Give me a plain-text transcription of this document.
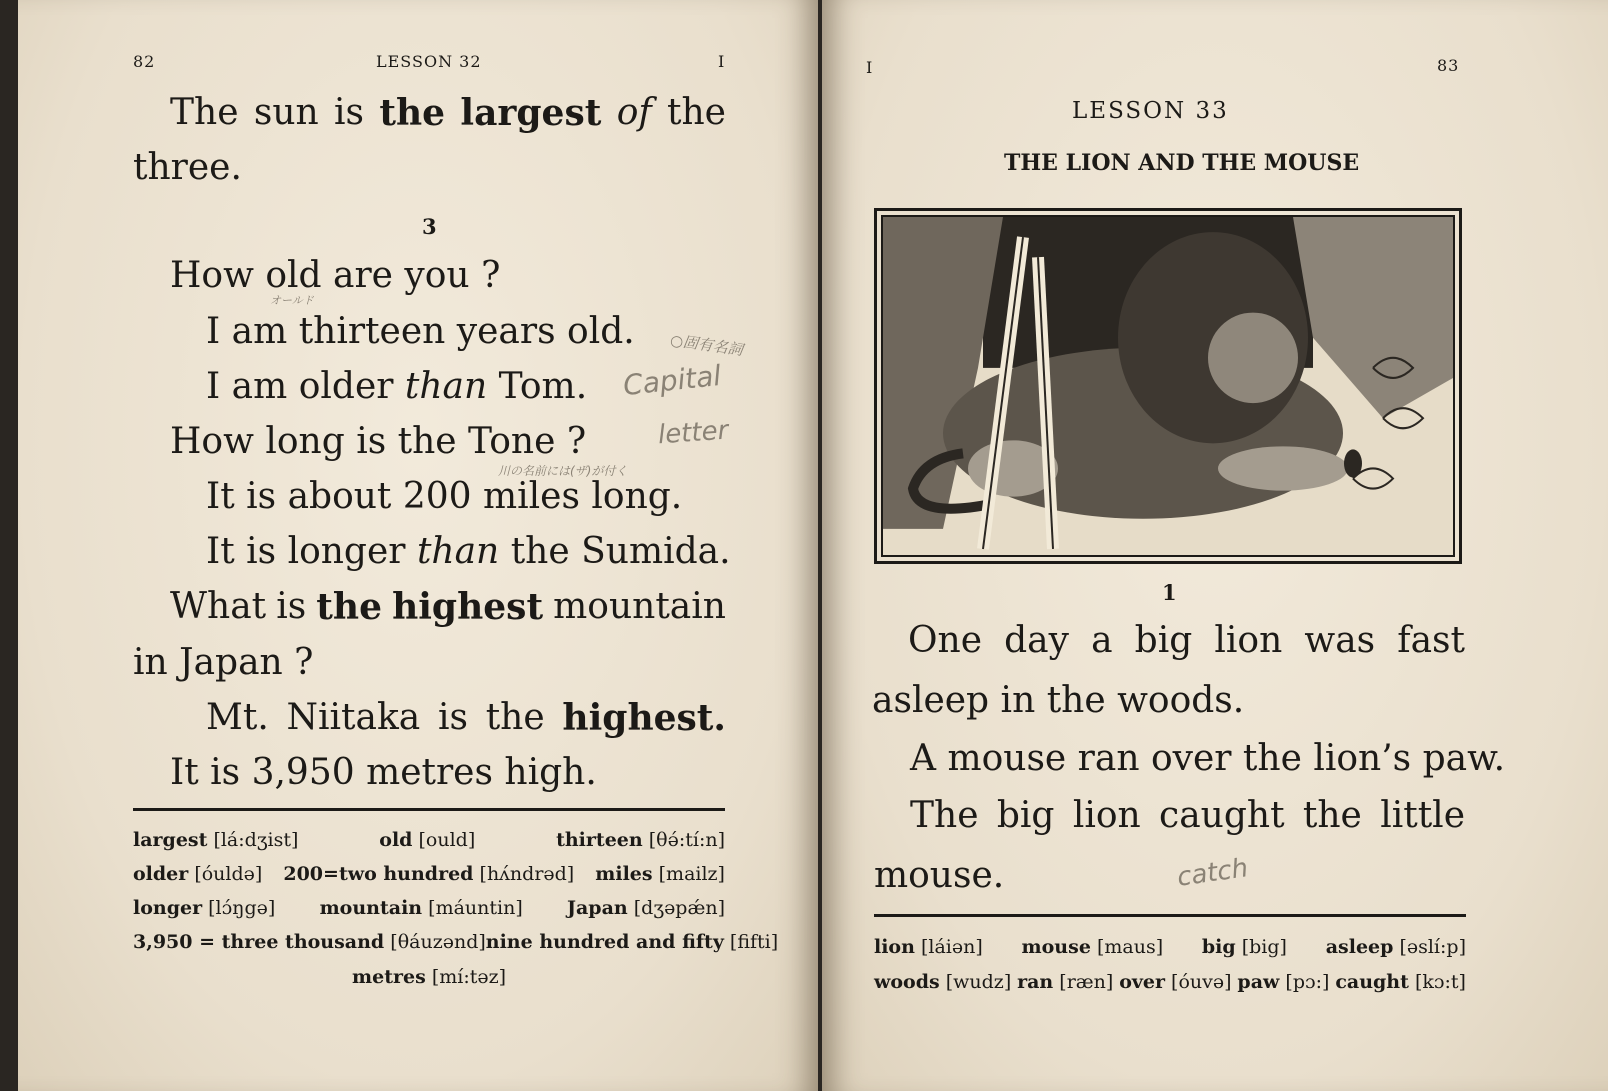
82	LESSON 32	I
The sun is the largest of the
three.
3
How old are you ?
I am thirteen years old.
I am older than Tom.
How long is the Tone ?
It is about 200 miles long.
It is longer than the Sumida.
What is the highest mountain
in Japan ?
Mt. Niitaka is the highest.
It is 3,950 metres high.
Capital
letter
○固有名詞
オールド
川の名前には(ザ)が付く
largest [lá:dʒist]	old [ould]	thirteen [θə́:tí:n]
older [óuldə] 200=two hundred [hʌ́ndrəd] miles [mailz]
longer [lɔ́ŋgə] mountain [máuntin] Japan [dʒəpǽn]
3,950 = three thousand [θáuzənd] nine hundred and fifty [fifti]
metres [mí:təz]
I	83
LESSON 33
THE LION AND THE MOUSE
1
One day a big lion was fast
asleep in the woods.
A mouse ran over the lion’s paw.
The big lion caught the little
mouse.	catch
lion [láiən] mouse [maus] big [big] asleep [əslí:p]
woods [wudz] ran [ræn] over [óuvə] paw [pɔ:] caught [kɔ:t]
